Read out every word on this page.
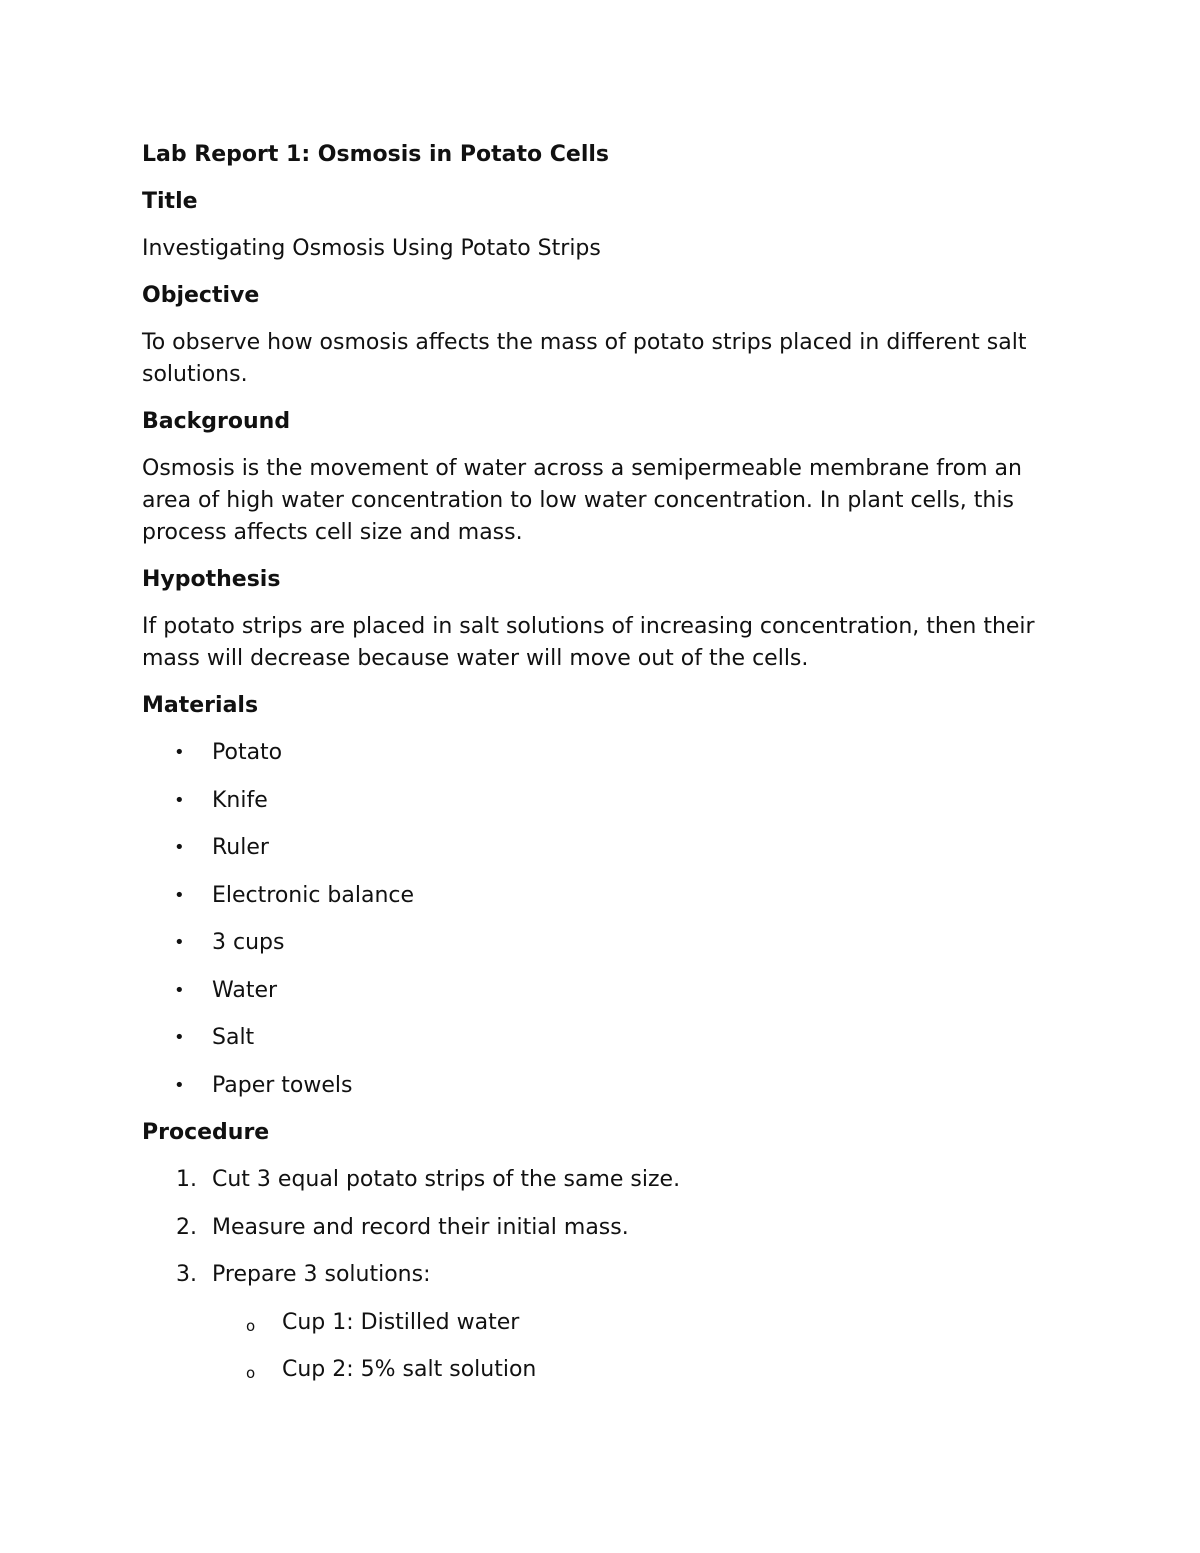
Lab Report 1: Osmosis in Potato Cells

Title

Investigating Osmosis Using Potato Strips

Objective

To observe how osmosis affects the mass of potato strips placed in different salt solutions.

Background

Osmosis is the movement of water across a semipermeable membrane from an area of high water concentration to low water concentration. In plant cells, this process affects cell size and mass.

Hypothesis

If potato strips are placed in salt solutions of increasing concentration, then their mass will decrease because water will move out of the cells.

Materials

• Potato
• Knife
• Ruler
• Electronic balance
• 3 cups
• Water
• Salt
• Paper towels

Procedure

1. Cut 3 equal potato strips of the same size.
2. Measure and record their initial mass.
3. Prepare 3 solutions:
o Cup 1: Distilled water
o Cup 2: 5% salt solution
